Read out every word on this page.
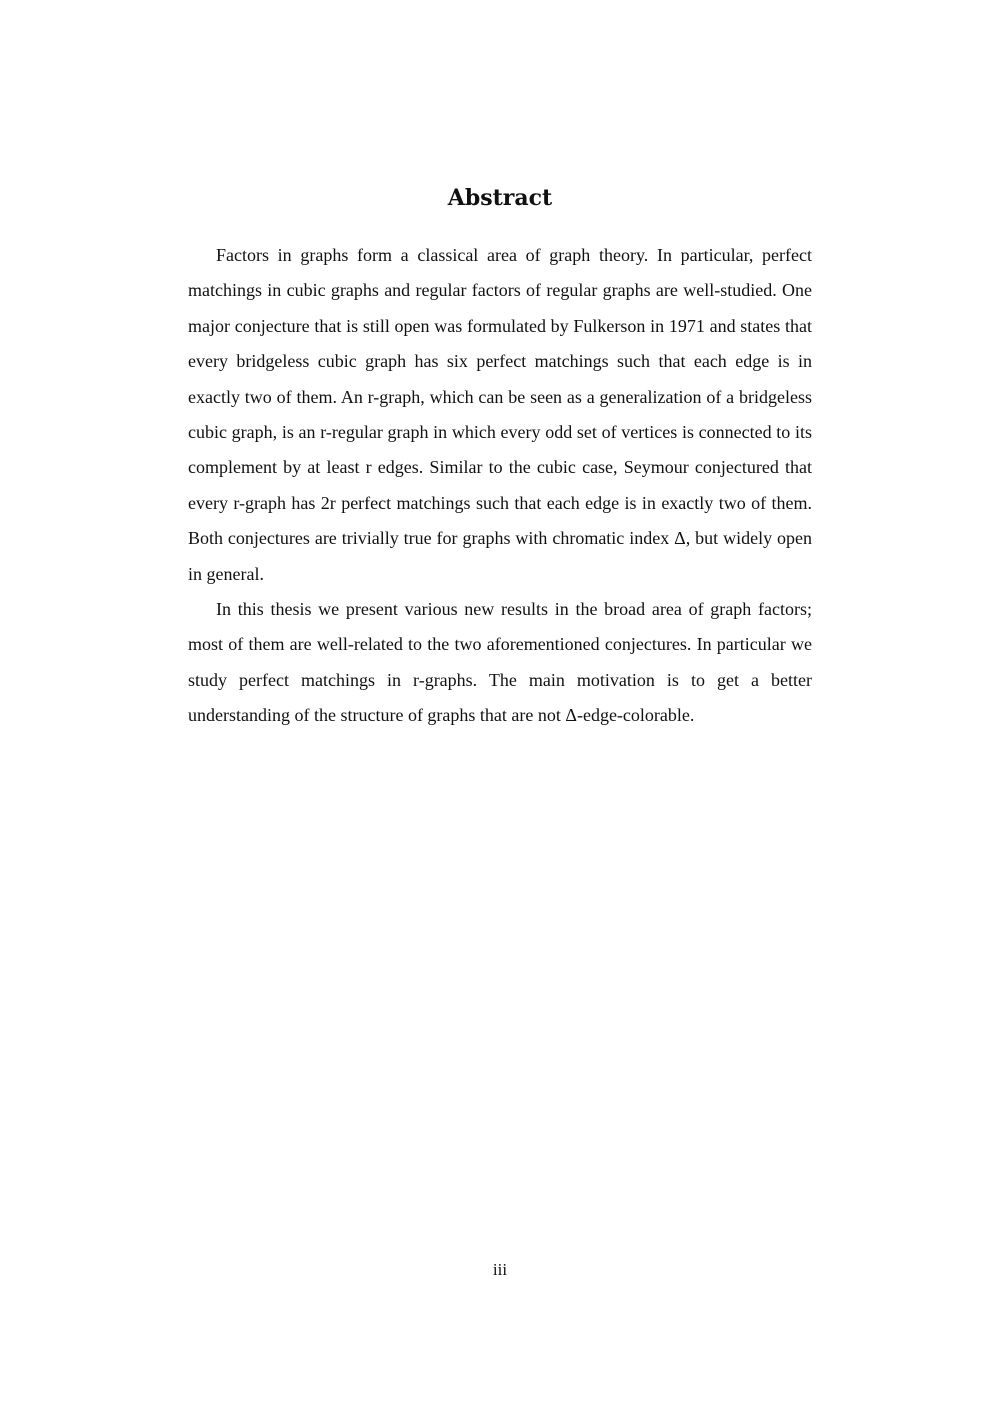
Abstract

Factors in graphs form a classical area of graph theory. In particular, perfect matchings in cubic graphs and regular factors of regular graphs are well-studied. One major conjecture that is still open was formulated by Fulkerson in 1971 and states that every bridgeless cubic graph has six perfect matchings such that each edge is in exactly two of them. An r-graph, which can be seen as a generalization of a bridgeless cubic graph, is an r-regular graph in which every odd set of vertices is connected to its complement by at least r edges. Similar to the cubic case, Seymour conjectured that every r-graph has 2r perfect matchings such that each edge is in exactly two of them. Both conjectures are trivially true for graphs with chromatic index Δ, but widely open in general.

In this thesis we present various new results in the broad area of graph factors; most of them are well-related to the two aforementioned conjectures. In particular we study perfect matchings in r-graphs. The main motivation is to get a better understanding of the structure of graphs that are not Δ-edge-colorable.

iii
